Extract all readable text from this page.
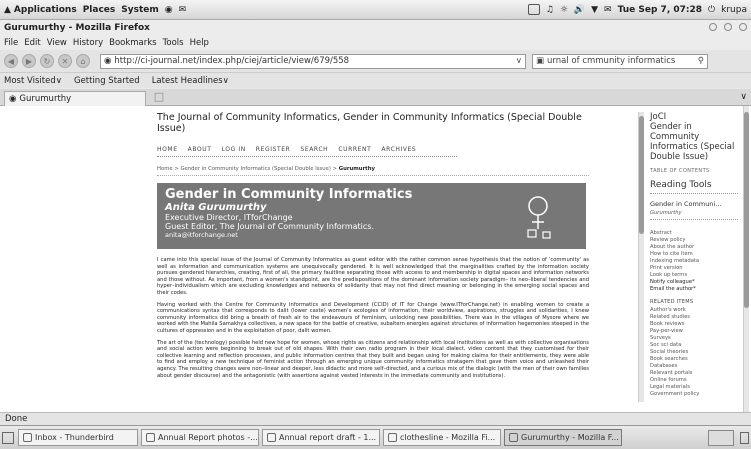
▲ Applications Places System ◉ ✉	♫ ☼ 🔊 ▼ ✉ Tue Sep 7, 07:28 ⏻ krupa
Gurumurthy - Mozilla Firefox

File Edit View History Bookmarks Tools Help
◀	▶	↻	✕	⌂	◉ http://ci-journal.net/index.php/ciej/article/view/679/558	∨ ▣ urnal of cmmunity informatics	⚲
Most Visited∨ Getting Started Latest Headlines∨
◉ Gurumurthy	□	∨
The Journal of Community Informatics, Gender in Community Informatics (Special Double Issue)
HOME ABOUT LOG IN REGISTER SEARCH CURRENT ARCHIVES
Home > Gender in Community Informatics (Special Double Issue) > Gurumurthy
Gender in Community Informatics
Anita Gurumurthy
Executive Director, ITforChange
Guest Editor, The Journal of Community Informatics.
anita@itforchange.net

I came into this special issue of the Journal of Community Informatics as guest editor with the rather common sense hypothesis that the notion of 'community' as well as information and communication systems are unequivocally gendered. It is well acknowledged that the marginalities crafted by the information society pursues gendered hierarchies, creating, first of all, the primary faultline separating those with access to and membership in digital spaces and information networks and those without. As important, from a women's standpoint, are the predispositions of the dominant information society paradigm– its neo–liberal tendencies and hyper–individualism which are excluding knowledges and networks of solidarity that may not find direct meaning or belonging in the emerging social spaces and their codes.

Having worked with the Centre for Community Informatics and Development (CCID) of IT for Change (www.ITforChange.net) in enabling women to create a communications syntax that corresponds to dalit (lower caste) women's ecologies of information, their worldview, aspirations, struggles and solidarities, I knew community informatics did bring a breath of fresh air to the endeavours of feminism, unlocking new possibilities. There was in the villages of Mysore where we worked with the Mahila Samakhya collectives, a new space for the battle of creative, subaltern energies against structures of information hegemonies steeped in the cultures of oppression and in the exploitation of poor, dalit women.

The art of the (technology) possible held new hope for women, whose rights as citizens and relationship with local institutions as well as with collective organisations and social action were beginning to break out of old shapes. With their own radio program in their local dialect, video content that they customised for their collective learning and reflection processes, and public information centres that they built and began using for making claims for their entitlements, they were able to find and employ a new technique of feminist action through an emerging unique community informatics stratagem that gave them voice and unleashed their agency. The resulting changes were non–linear and deeper, less didactic and more self–directed, and a curious mix of the dialogic (with the men of their own families about gender discourse) and the antagonistic (with assertions against vested interests in the immediate community and institutions).

JoCI
Gender in
Community
Informatics (Special
Double Issue)
TABLE OF CONTENTS
Reading Tools
Gender in Communi...
Gurumurthy
Abstract
Review policy
About the author
How to cite item
Indexing metadata
Print version
Look up terms
Notify colleague*
Email the author*
RELATED ITEMS
Author's work
Related studies
Book reviews
Pay-per-view
Surveys
Soc sci data
Social theories
Book searches
Databases
Relevant portals
Online forums
Legal materials
Government policy
Done
Inbox - Thunderbird	Annual Report photos -...	Annual report draft - 1...	clothesline - Mozilla Fi...	Gurumurthy - Mozilla F...
